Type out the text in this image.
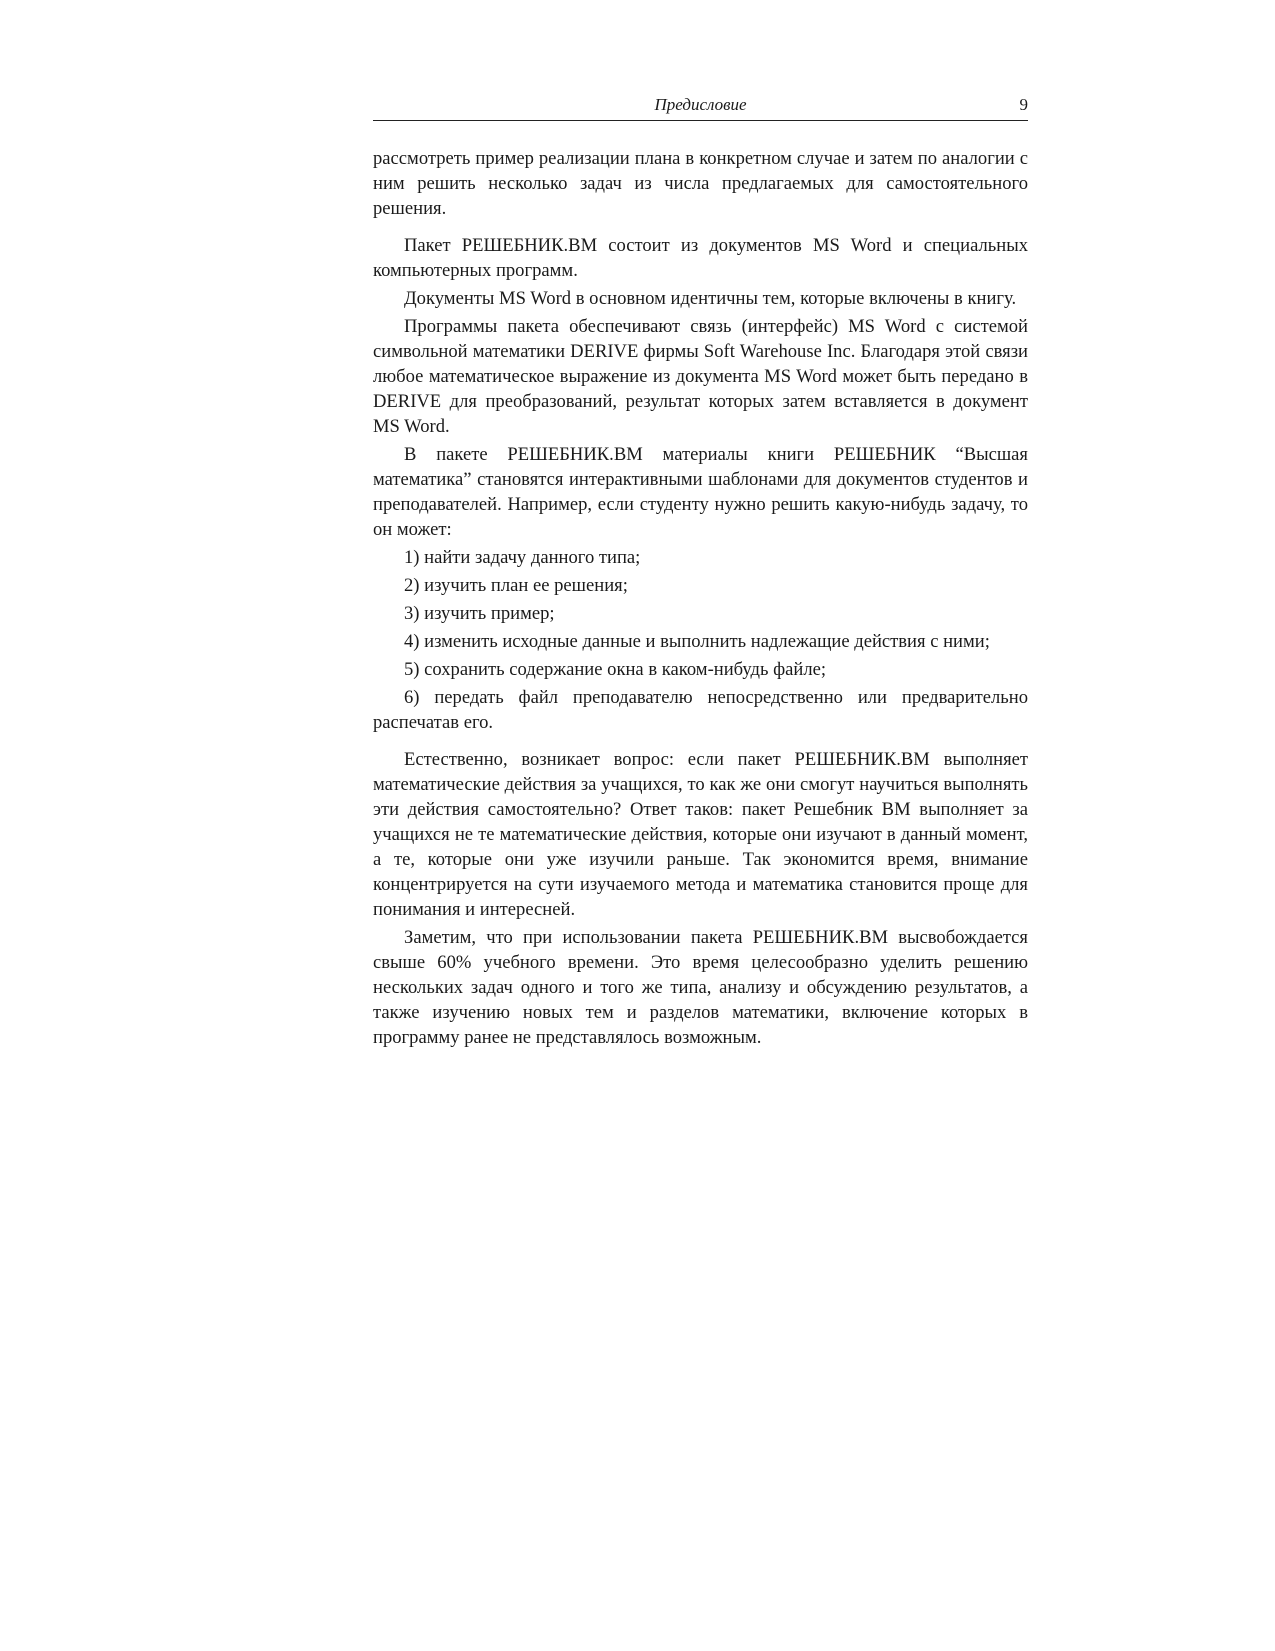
Предисловие	9

рассмотреть пример реализации плана в конкретном случае и затем по аналогии с ним решить несколько задач из числа предлагаемых для самостоятельного решения.

Пакет РЕШЕБНИК.ВМ состоит из документов MS Word и специальных компьютерных программ.

Документы MS Word в основном идентичны тем, которые включены в книгу.

Программы пакета обеспечивают связь (интерфейс) MS Word с системой символьной математики DERIVE фирмы Soft Warehouse Inc. Благодаря этой связи любое математическое выражение из документа MS Word может быть передано в DERIVE для преобразований, результат которых затем вставляется в документ MS Word.

В пакете РЕШЕБНИК.ВМ материалы книги РЕШЕБНИК “Высшая математика” становятся интерактивными шаблонами для документов студентов и преподавателей. Например, если студенту нужно решить какую-нибудь задачу, то он может:

1) найти задачу данного типа;

2) изучить план ее решения;

3) изучить пример;

4) изменить исходные данные и выполнить надлежащие действия с ними;

5) сохранить содержание окна в каком-нибудь файле;

6) передать файл преподавателю непосредственно или предварительно распечатав его.

Естественно, возникает вопрос: если пакет РЕШЕБНИК.ВМ выполняет математические действия за учащихся, то как же они смогут научиться выполнять эти действия самостоятельно? Ответ таков: пакет Решебник ВМ выполняет за учащихся не те математические действия, которые они изучают в данный момент, а те, которые они уже изучили раньше. Так экономится время, внимание концентрируется на сути изучаемого метода и математика становится проще для понимания и интересней.

Заметим, что при использовании пакета РЕШЕБНИК.ВМ высвобождается свыше 60% учебного времени. Это время целесообразно уделить решению нескольких задач одного и того же типа, анализу и обсуждению результатов, а также изучению новых тем и разделов математики, включение которых в программу ранее не представлялось возможным.
